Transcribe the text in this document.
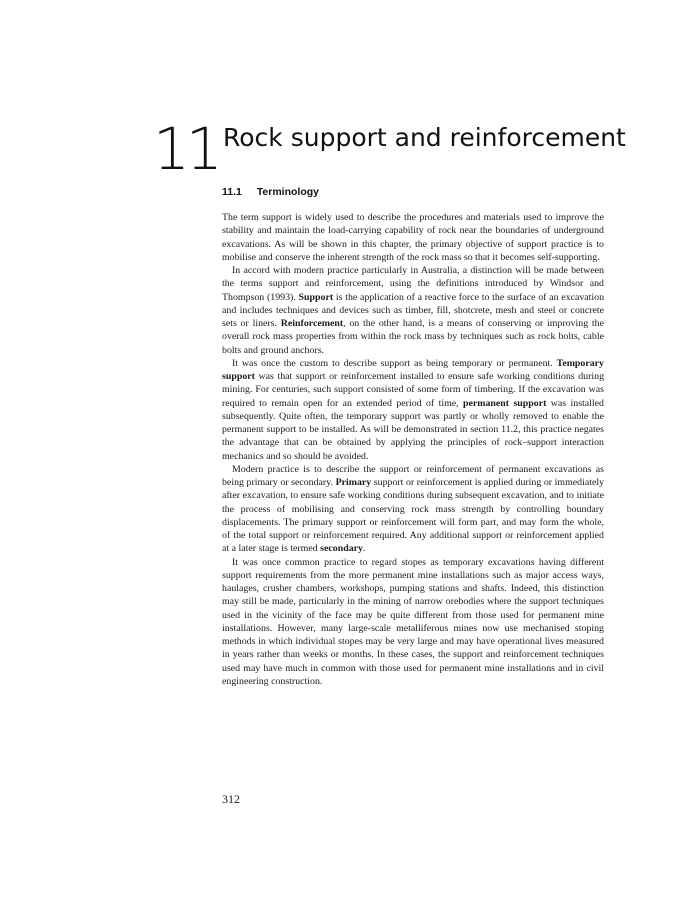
11 Rock support and reinforcement
11.1 Terminology

The term support is widely used to describe the procedures and materials used to improve the stability and maintain the load-carrying capability of rock near the boundaries of underground excavations. As will be shown in this chapter, the primary objective of support practice is to mobilise and conserve the inherent strength of the rock mass so that it becomes self-supporting.

In accord with modern practice particularly in Australia, a distinction will be made between the terms support and reinforcement, using the definitions introduced by Windsor and Thompson (1993). Support is the application of a reactive force to the surface of an excavation and includes techniques and devices such as timber, fill, shotcrete, mesh and steel or concrete sets or liners. Reinforcement, on the other hand, is a means of conserving or improving the overall rock mass properties from within the rock mass by techniques such as rock bolts, cable bolts and ground anchors.

It was once the custom to describe support as being temporary or permanent. Temporary support was that support or reinforcement installed to ensure safe working conditions during mining. For centuries, such support consisted of some form of timbering. If the excavation was required to remain open for an extended period of time, permanent support was installed subsequently. Quite often, the temporary support was partly or wholly removed to enable the permanent support to be installed. As will be demonstrated in section 11.2, this practice negates the advantage that can be obtained by applying the principles of rock–support interaction mechanics and so should be avoided.

Modern practice is to describe the support or reinforcement of permanent excavations as being primary or secondary. Primary support or reinforcement is applied during or immediately after excavation, to ensure safe working conditions during subsequent excavation, and to initiate the process of mobilising and conserving rock mass strength by controlling boundary displacements. The primary support or reinforcement will form part, and may form the whole, of the total support or reinforcement required. Any additional support or reinforcement applied at a later stage is termed secondary.

It was once common practice to regard stopes as temporary excavations having different support requirements from the more permanent mine installations such as major access ways, haulages, crusher chambers, workshops, pumping stations and shafts. Indeed, this distinction may still be made, particularly in the mining of narrow orebodies where the support techniques used in the vicinity of the face may be quite different from those used for permanent mine installations. However, many large-scale metalliferous mines now use mechanised stoping methods in which individual stopes may be very large and may have operational lives measured in years rather than weeks or months. In these cases, the support and reinforcement techniques used may have much in common with those used for permanent mine installations and in civil engineering construction.

312
